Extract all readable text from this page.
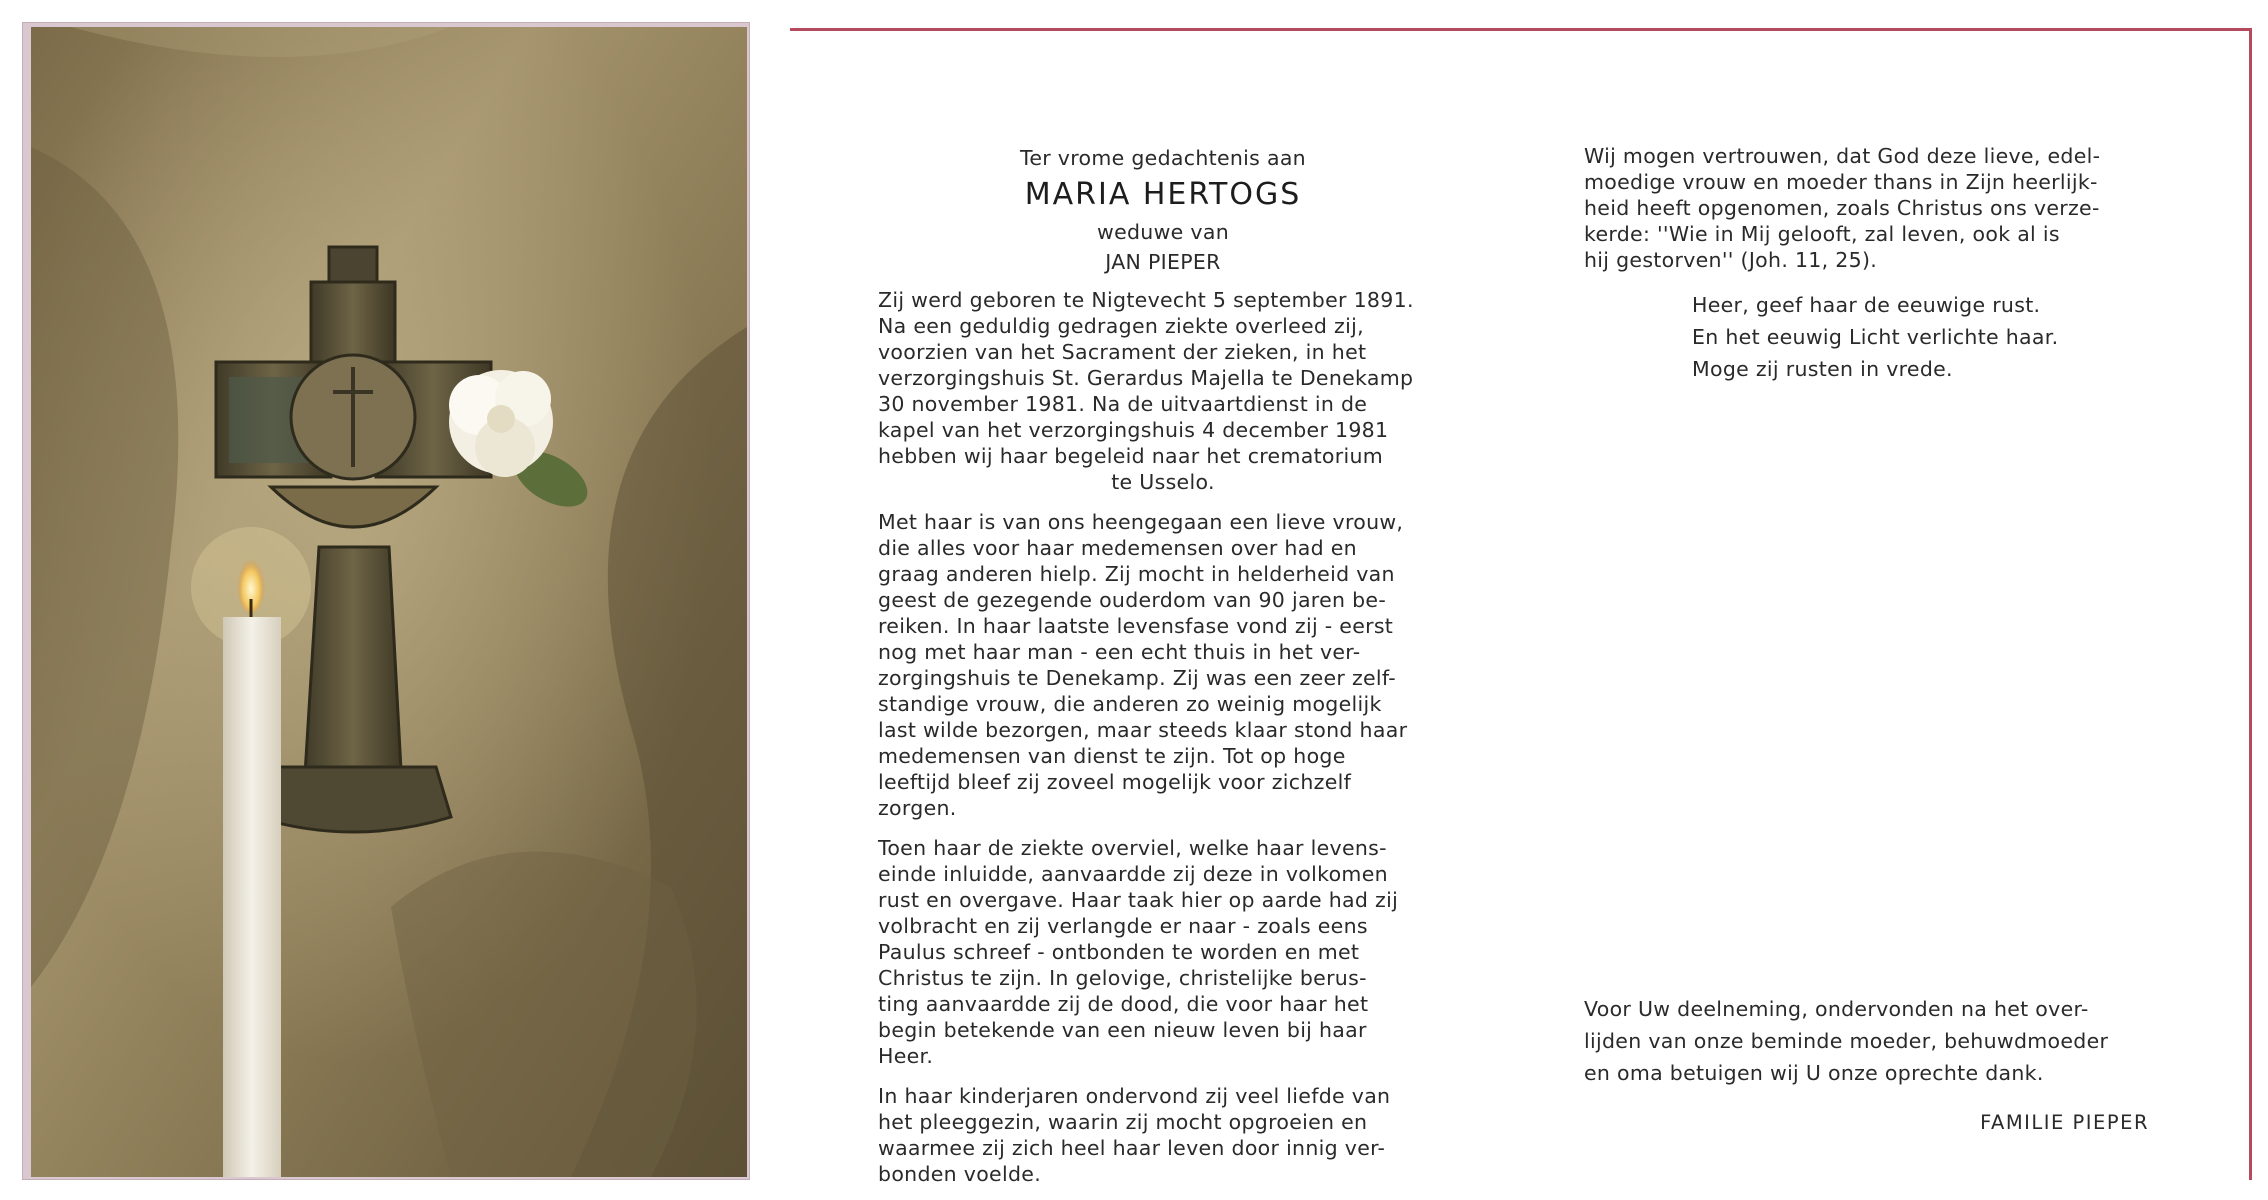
Ter vrome gedachtenis aan
MARIA HERTOGS
weduwe van
JAN PIEPER
Zij werd geboren te Nigtevecht 5 september 1891.
Na een geduldig gedragen ziekte overleed zij,
voorzien van het Sacrament der zieken, in het
verzorgingshuis St. Gerardus Majella te Denekamp
30 november 1981. Na de uitvaartdienst in de
kapel van het verzorgingshuis 4 december 1981
hebben wij haar begeleid naar het crematorium
te Usselo.
Met haar is van ons heengegaan een lieve vrouw,
die alles voor haar medemensen over had en
graag anderen hielp. Zij mocht in helderheid van
geest de gezegende ouderdom van 90 jaren be-
reiken. In haar laatste levensfase vond zij - eerst
nog met haar man - een echt thuis in het ver-
zorgingshuis te Denekamp. Zij was een zeer zelf-
standige vrouw, die anderen zo weinig mogelijk
last wilde bezorgen, maar steeds klaar stond haar
medemensen van dienst te zijn. Tot op hoge
leeftijd bleef zij zoveel mogelijk voor zichzelf
zorgen.
Toen haar de ziekte overviel, welke haar levens-
einde inluidde, aanvaardde zij deze in volkomen
rust en overgave. Haar taak hier op aarde had zij
volbracht en zij verlangde er naar - zoals eens
Paulus schreef - ontbonden te worden en met
Christus te zijn. In gelovige, christelijke berus-
ting aanvaardde zij de dood, die voor haar het
begin betekende van een nieuw leven bij haar
Heer.
In haar kinderjaren ondervond zij veel liefde van
het pleeggezin, waarin zij mocht opgroeien en
waarmee zij zich heel haar leven door innig ver-
bonden voelde.
Wij mogen vertrouwen, dat God deze lieve, edel-
moedige vrouw en moeder thans in Zijn heerlijk-
heid heeft opgenomen, zoals Christus ons verze-
kerde: ''Wie in Mij gelooft, zal leven, ook al is
hij gestorven'' (Joh. 11, 25).
Heer, geef haar de eeuwige rust.
En het eeuwig Licht verlichte haar.
Moge zij rusten in vrede.
Voor Uw deelneming, ondervonden na het over-
lijden van onze beminde moeder, behuwdmoeder
en oma betuigen wij U onze oprechte dank.
FAMILIE PIEPER
